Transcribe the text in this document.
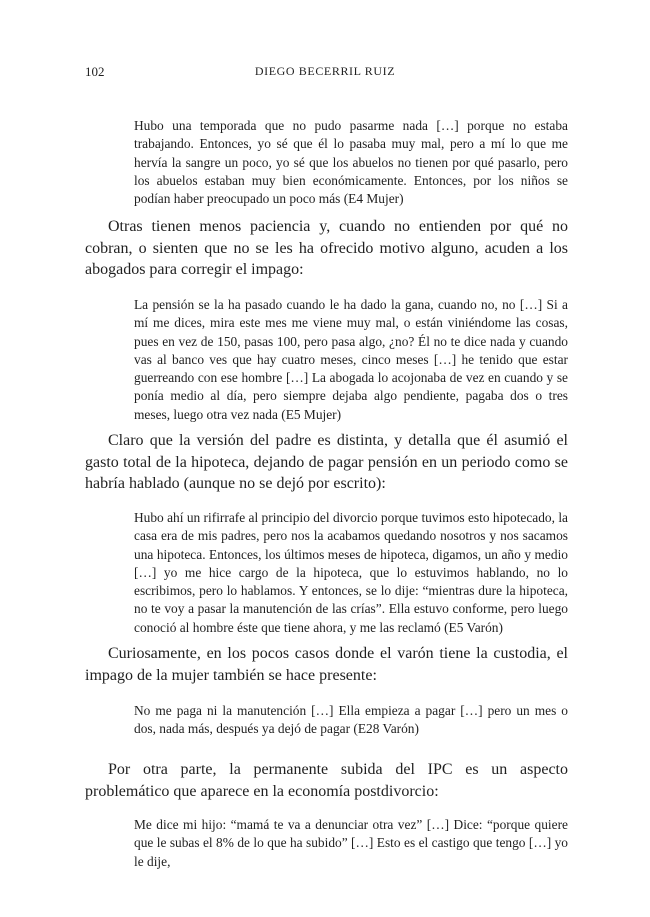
102	DIEGO BECERRIL RUIZ

Hubo una temporada que no pudo pasarme nada […] porque no estaba trabajando. Entonces, yo sé que él lo pasaba muy mal, pero a mí lo que me hervía la sangre un poco, yo sé que los abuelos no tienen por qué pasarlo, pero los abuelos estaban muy bien económicamente. Entonces, por los niños se podían haber preocupado un poco más (E4 Mujer)

Otras tienen menos paciencia y, cuando no entienden por qué no cobran, o sienten que no se les ha ofrecido motivo alguno, acuden a los abogados para corregir el impago:

La pensión se la ha pasado cuando le ha dado la gana, cuando no, no […] Si a mí me dices, mira este mes me viene muy mal, o están viniéndome las cosas, pues en vez de 150, pasas 100, pero pasa algo, ¿no? Él no te dice nada y cuando vas al banco ves que hay cuatro meses, cinco meses […] he tenido que estar guerreando con ese hombre […] La abogada lo acojonaba de vez en cuando y se ponía medio al día, pero siempre dejaba algo pendiente, pagaba dos o tres meses, luego otra vez nada (E5 Mujer)

Claro que la versión del padre es distinta, y detalla que él asumió el gasto total de la hipoteca, dejando de pagar pensión en un periodo como se habría hablado (aunque no se dejó por escrito):

Hubo ahí un rifirrafe al principio del divorcio porque tuvimos esto hipotecado, la casa era de mis padres, pero nos la acabamos quedando nosotros y nos sacamos una hipoteca. Entonces, los últimos meses de hipoteca, digamos, un año y medio […] yo me hice cargo de la hipoteca, que lo estuvimos hablando, no lo escribimos, pero lo hablamos. Y entonces, se lo dije: “mientras dure la hipoteca, no te voy a pasar la manutención de las crías”. Ella estuvo conforme, pero luego conoció al hombre éste que tiene ahora, y me las reclamó (E5 Varón)

Curiosamente, en los pocos casos donde el varón tiene la custodia, el impago de la mujer también se hace presente:

No me paga ni la manutención […] Ella empieza a pagar […] pero un mes o dos, nada más, después ya dejó de pagar (E28 Varón)

Por otra parte, la permanente subida del IPC es un aspecto problemático que aparece en la economía postdivorcio:

Me dice mi hijo: “mamá te va a denunciar otra vez” […] Dice: “porque quiere que le subas el 8% de lo que ha subido” […] Esto es el castigo que tengo […] yo le dije,
